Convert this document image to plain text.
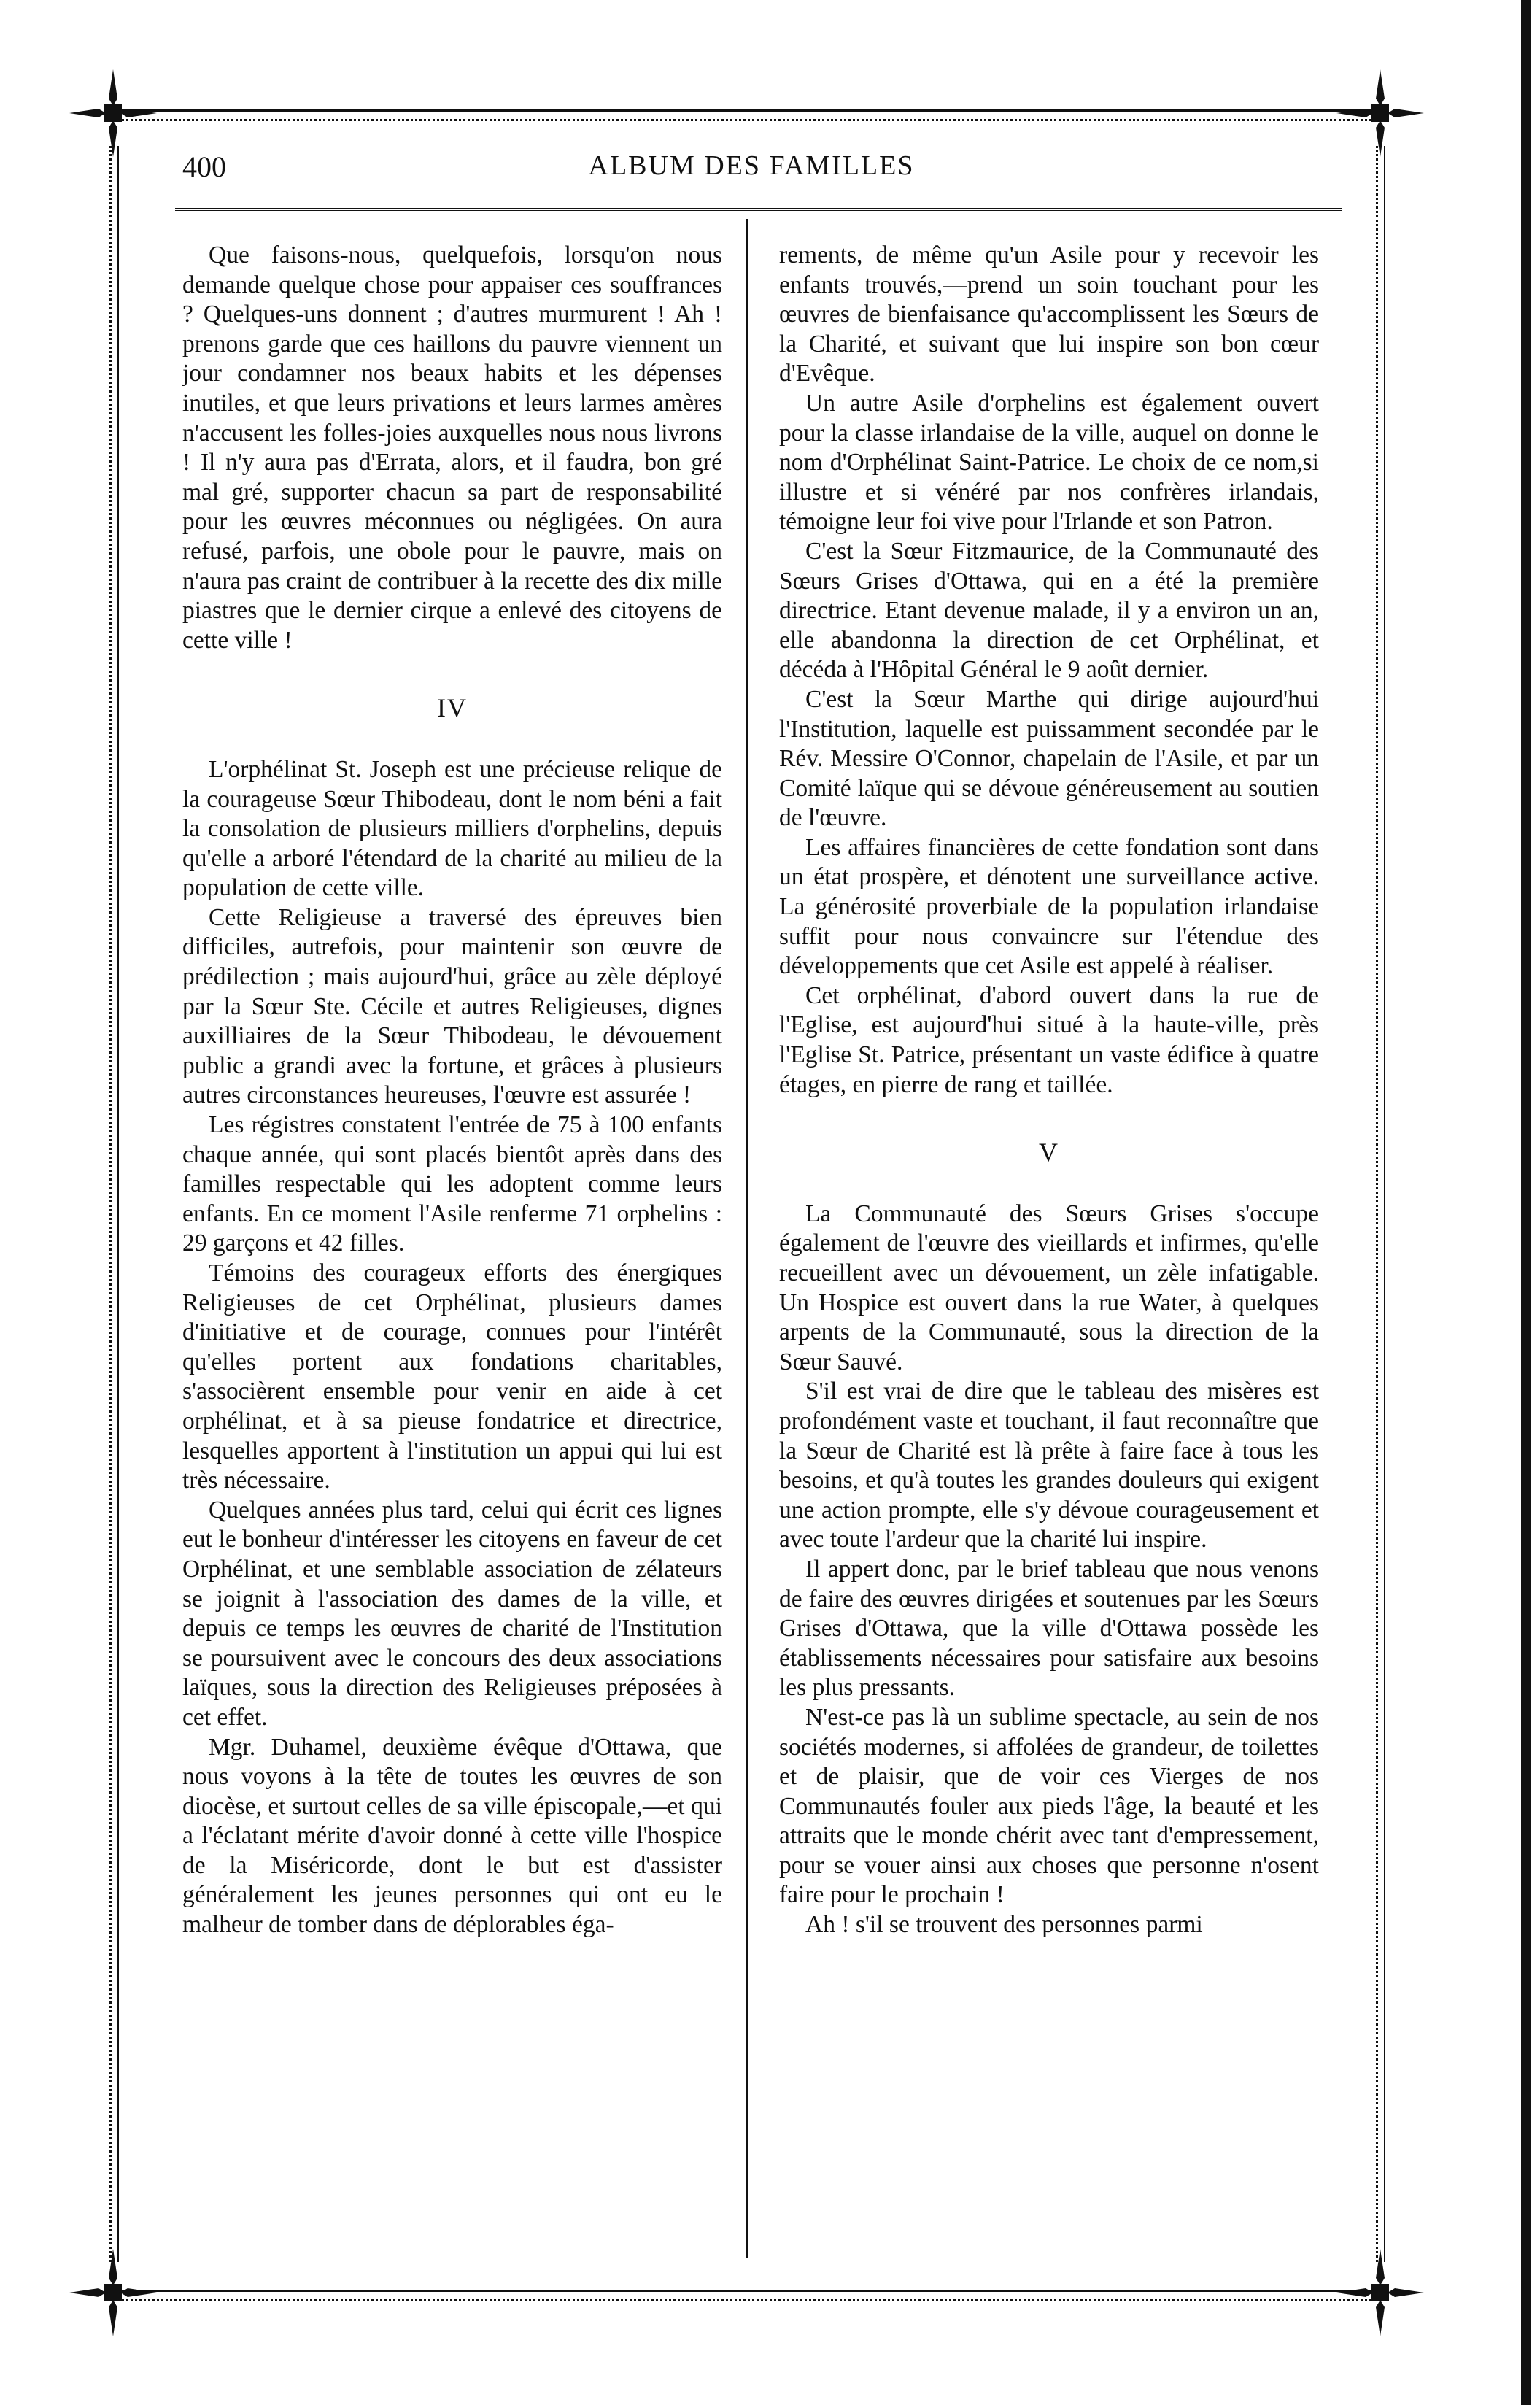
400	ALBUM DES FAMILLES

Que faisons-nous, quelquefois, lorsqu'on nous demande quelque chose pour appaiser ces souffrances ? Quelques-uns donnent ; d'autres murmurent ! Ah ! prenons garde que ces haillons du pauvre viennent un jour condamner nos beaux habits et les dépenses inutiles, et que leurs privations et leurs larmes amères n'accusent les folles-joies auxquelles nous nous livrons ! Il n'y aura pas d'Errata, alors, et il faudra, bon gré mal gré, supporter chacun sa part de responsabilité pour les œuvres méconnues ou négligées. On aura refusé, parfois, une obole pour le pauvre, mais on n'aura pas craint de contribuer à la recette des dix mille piastres que le dernier cirque a enlevé des citoyens de cette ville !

IV

L'orphélinat St. Joseph est une précieuse relique de la courageuse Sœur Thibodeau, dont le nom béni a fait la consolation de plusieurs milliers d'orphelins, depuis qu'elle a arboré l'étendard de la charité au milieu de la population de cette ville.

Cette Religieuse a traversé des épreuves bien difficiles, autrefois, pour maintenir son œuvre de prédilection ; mais aujourd'hui, grâce au zèle déployé par la Sœur Ste. Cécile et autres Religieuses, dignes auxilliaires de la Sœur Thibodeau, le dévouement public a grandi avec la fortune, et grâces à plusieurs autres circonstances heureuses, l'œuvre est assurée !

Les régistres constatent l'entrée de 75 à 100 enfants chaque année, qui sont placés bientôt après dans des familles respectable qui les adoptent comme leurs enfants. En ce moment l'Asile renferme 71 orphelins : 29 garçons et 42 filles.

Témoins des courageux efforts des énergiques Religieuses de cet Orphélinat, plusieurs dames d'initiative et de courage, connues pour l'intérêt qu'elles portent aux fondations charitables, s'associèrent ensemble pour venir en aide à cet orphélinat, et à sa pieuse fondatrice et directrice, lesquelles apportent à l'institution un appui qui lui est très nécessaire.

Quelques années plus tard, celui qui écrit ces lignes eut le bonheur d'intéresser les citoyens en faveur de cet Orphélinat, et une semblable association de zélateurs se joignit à l'association des dames de la ville, et depuis ce temps les œuvres de charité de l'Institution se poursuivent avec le concours des deux associations laïques, sous la direction des Religieuses préposées à cet effet.

Mgr. Duhamel, deuxième évêque d'Ottawa, que nous voyons à la tête de toutes les œuvres de son diocèse, et surtout celles de sa ville épiscopale,—et qui a l'éclatant mérite d'avoir donné à cette ville l'hospice de la Miséricorde, dont le but est d'assister généralement les jeunes personnes qui ont eu le malheur de tomber dans de déplorables éga-

rements, de même qu'un Asile pour y recevoir les enfants trouvés,—prend un soin touchant pour les œuvres de bienfaisance qu'accomplissent les Sœurs de la Charité, et suivant que lui inspire son bon cœur d'Evêque.

Un autre Asile d'orphelins est également ouvert pour la classe irlandaise de la ville, auquel on donne le nom d'Orphélinat Saint-Patrice. Le choix de ce nom,si illustre et si vénéré par nos confrères irlandais, témoigne leur foi vive pour l'Irlande et son Patron.

C'est la Sœur Fitzmaurice, de la Communauté des Sœurs Grises d'Ottawa, qui en a été la première directrice. Etant devenue malade, il y a environ un an, elle abandonna la direction de cet Orphélinat, et décéda à l'Hôpital Général le 9 août dernier.

C'est la Sœur Marthe qui dirige aujourd'hui l'Institution, laquelle est puissamment secondée par le Rév. Messire O'Connor, chapelain de l'Asile, et par un Comité laïque qui se dévoue généreusement au soutien de l'œuvre.

Les affaires financières de cette fondation sont dans un état prospère, et dénotent une surveillance active. La générosité proverbiale de la population irlandaise suffit pour nous convaincre sur l'étendue des développements que cet Asile est appelé à réaliser.

Cet orphélinat, d'abord ouvert dans la rue de l'Eglise, est aujourd'hui situé à la haute-ville, près l'Eglise St. Patrice, présentant un vaste édifice à quatre étages, en pierre de rang et taillée.

V

La Communauté des Sœurs Grises s'occupe également de l'œuvre des vieillards et infirmes, qu'elle recueillent avec un dévouement, un zèle infatigable. Un Hospice est ouvert dans la rue Water, à quelques arpents de la Communauté, sous la direction de la Sœur Sauvé.

S'il est vrai de dire que le tableau des misères est profondément vaste et touchant, il faut reconnaître que la Sœur de Charité est là prête à faire face à tous les besoins, et qu'à toutes les grandes douleurs qui exigent une action prompte, elle s'y dévoue courageusement et avec toute l'ardeur que la charité lui inspire.

Il appert donc, par le brief tableau que nous venons de faire des œuvres dirigées et soutenues par les Sœurs Grises d'Ottawa, que la ville d'Ottawa possède les établissements nécessaires pour satisfaire aux besoins les plus pressants.

N'est-ce pas là un sublime spectacle, au sein de nos sociétés modernes, si affolées de grandeur, de toilettes et de plaisir, que de voir ces Vierges de nos Communautés fouler aux pieds l'âge, la beauté et les attraits que le monde chérit avec tant d'empressement, pour se vouer ainsi aux choses que personne n'osent faire pour le prochain !

Ah ! s'il se trouvent des personnes parmi
